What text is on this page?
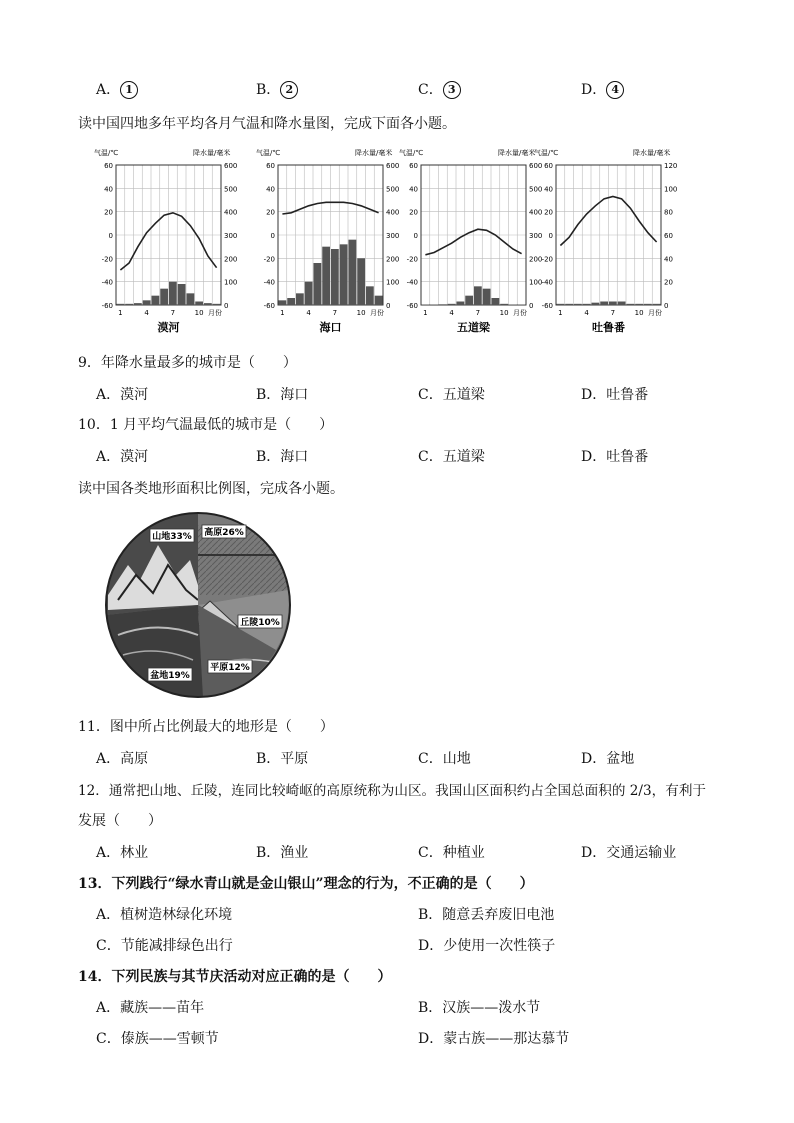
A． 1	B． 2	C． 3	D． 4
读中国四地多年平均各月气温和降水量图，完成下面各小题。
气温/℃	降水量/毫米
60
40
20
0
-20
-40
-60
600
500
400
300
200
100
0
1	4	7	10 月份
漠河
气温/℃	降水量/毫米
60
40
20
0
-20
-40
-60
600
500
400
300
200
100
0
1	4	7	10 月份
海口
气温/℃	降水量/毫米
60
40
20
0
-20
-40
-60
600
500
400
300
200
100
0
1	4	7	10 月份
五道梁
气温/℃	降水量/毫米
60
40
20
0
-20
-40
-60
120
100
80
60
40
20
0
1	4	7	10 月份
吐鲁番
9．年降水量最多的城市是（　　）
A．漠河	B．海口	C．五道梁	D．吐鲁番
10．1 月平均气温最低的城市是（　　）
A．漠河	B．海口	C．五道梁	D．吐鲁番
读中国各类地形面积比例图，完成各小题。
山地33% 高原26%
丘陵10%
平原12%
盆地19%
11．图中所占比例最大的地形是（　　）
A．高原	B．平原	C．山地	D．盆地
12．通常把山地、丘陵，连同比较崎岖的高原统称为山区。我国山区面积约占全国总面积的 2/3，有利于
发展（　　）
A．林业	B．渔业	C．种植业	D．交通运输业
13．下列践行“绿水青山就是金山银山”理念的行为，不正确的是（　　）
A．植树造林绿化环境	B．随意丢弃废旧电池
C．节能减排绿色出行	D．少使用一次性筷子
14．下列民族与其节庆活动对应正确的是（　　）
A．藏族——苗年	B．汉族——泼水节
C．傣族——雪顿节	D．蒙古族——那达慕节
